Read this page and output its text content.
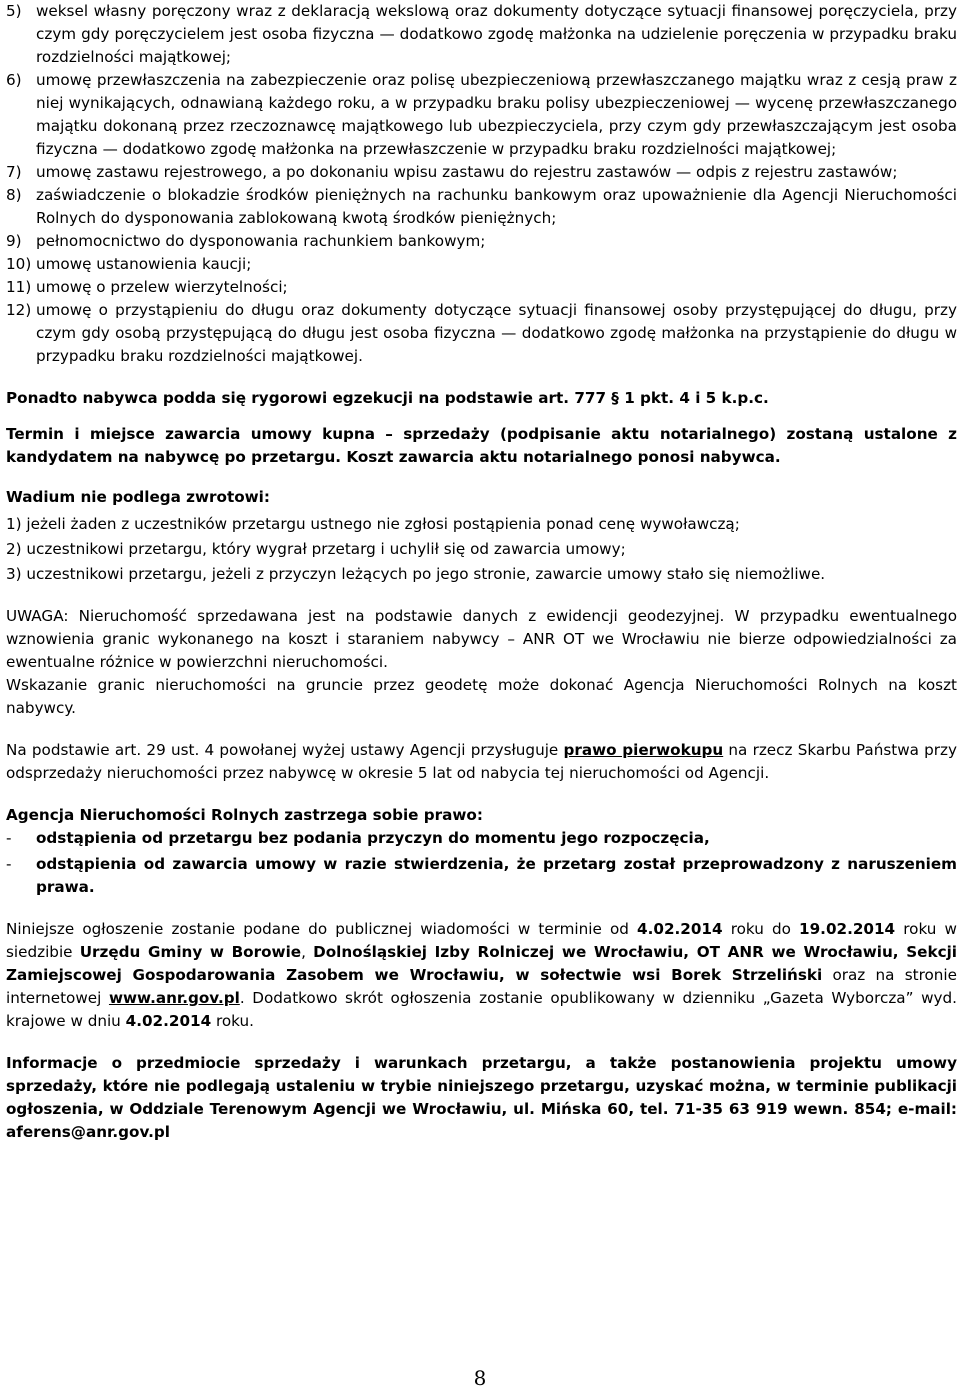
5) weksel własny poręczony wraz z deklaracją wekslową oraz dokumenty dotyczące sytuacji finansowej poręczyciela, przy czym gdy poręczycielem jest osoba fizyczna — dodatkowo zgodę małżonka na udzielenie poręczenia w przypadku braku rozdzielności majątkowej;
6) umowę przewłaszczenia na zabezpieczenie oraz polisę ubezpieczeniową przewłaszczanego majątku wraz z cesją praw z niej wynikających, odnawianą każdego roku, a w przypadku braku polisy ubezpieczeniowej — wycenę przewłaszczanego majątku dokonaną przez rzeczoznawcę majątkowego lub ubezpieczyciela, przy czym gdy przewłaszczającym jest osoba fizyczna — dodatkowo zgodę małżonka na przewłaszczenie w przypadku braku rozdzielności majątkowej;
7) umowę zastawu rejestrowego, a po dokonaniu wpisu zastawu do rejestru zastawów — odpis z rejestru zastawów;
8) zaświadczenie o blokadzie środków pieniężnych na rachunku bankowym oraz upoważnienie dla Agencji Nieruchomości Rolnych do dysponowania zablokowaną kwotą środków pieniężnych;
9) pełnomocnictwo do dysponowania rachunkiem bankowym;
10) umowę ustanowienia kaucji;
11) umowę o przelew wierzytelności;
12) umowę o przystąpieniu do długu oraz dokumenty dotyczące sytuacji finansowej osoby przystępującej do długu, przy czym gdy osobą przystępującą do długu jest osoba fizyczna — dodatkowo zgodę małżonka na przystąpienie do długu w przypadku braku rozdzielności majątkowej.

Ponadto nabywca podda się rygorowi egzekucji na podstawie art. 777 § 1 pkt. 4 i 5 k.p.c.

Termin i miejsce zawarcia umowy kupna – sprzedaży (podpisanie aktu notarialnego) zostaną ustalone z kandydatem na nabywcę po przetargu. Koszt zawarcia aktu notarialnego ponosi nabywca.

Wadium nie podlega zwrotowi:

1) jeżeli żaden z uczestników przetargu ustnego nie zgłosi postąpienia ponad cenę wywoławczą;

2) uczestnikowi przetargu, który wygrał przetarg i uchylił się od zawarcia umowy;

3) uczestnikowi przetargu, jeżeli z przyczyn leżących po jego stronie, zawarcie umowy stało się niemożliwe.

UWAGA: Nieruchomość sprzedawana jest na podstawie danych z ewidencji geodezyjnej. W przypadku ewentualnego wznowienia granic wykonanego na koszt i staraniem nabywcy – ANR OT we Wrocławiu nie bierze odpowiedzialności za ewentualne różnice w powierzchni nieruchomości.

Wskazanie granic nieruchomości na gruncie przez geodetę może dokonać Agencja Nieruchomości Rolnych na koszt nabywcy.

Na podstawie art. 29 ust. 4 powołanej wyżej ustawy Agencji przysługuje prawo pierwokupu na rzecz Skarbu Państwa przy odsprzedaży nieruchomości przez nabywcę w okresie 5 lat od nabycia tej nieruchomości od Agencji.

Agencja Nieruchomości Rolnych zastrzega sobie prawo:

- odstąpienia od przetargu bez podania przyczyn do momentu jego rozpoczęcia,
- odstąpienia od zawarcia umowy w razie stwierdzenia, że przetarg został przeprowadzony z naruszeniem prawa.

Niniejsze ogłoszenie zostanie podane do publicznej wiadomości w terminie od 4.02.2014 roku do 19.02.2014 roku w siedzibie Urzędu Gminy w Borowie, Dolnośląskiej Izby Rolniczej we Wrocławiu, OT ANR we Wrocławiu, Sekcji Zamiejscowej Gospodarowania Zasobem we Wrocławiu, w sołectwie wsi Borek Strzeliński oraz na stronie internetowej www.anr.gov.pl. Dodatkowo skrót ogłoszenia zostanie opublikowany w dzienniku „Gazeta Wyborcza” wyd. krajowe w dniu 4.02.2014 roku.

Informacje o przedmiocie sprzedaży i warunkach przetargu, a także postanowienia projektu umowy sprzedaży, które nie podlegają ustaleniu w trybie niniejszego przetargu, uzyskać można, w terminie publikacji ogłoszenia, w Oddziale Terenowym Agencji we Wrocławiu, ul. Mińska 60, tel. 71-35 63 919 wewn. 854; e-mail: aferens@anr.gov.pl

8
